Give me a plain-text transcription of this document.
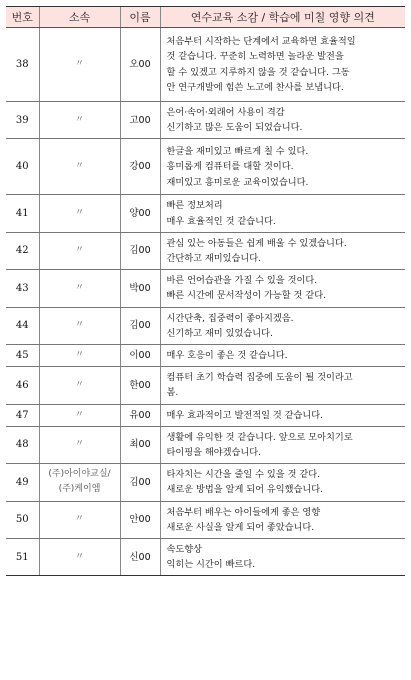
번호	소속	이름	연수교육 소감 / 학습에 미칠 영향 의견
38	〃	오00	처음부터 시작하는 단계에서 교육하면 효율적일
것 같습니다. 꾸준히 노력하면 놀라운 발전을
할 수 있겠고 지루하지 않을 것 같습니다. 그동
안 연구개발에 힘쓴 노고에 찬사를 보냅니다.

39	〃	고00	은어·속어·외래어 사용이 격감
신기하고 많은 도움이 되었습니다.

40	〃	강00	한글을 재미있고 빠르게 칠 수 있다.
흥미롭게 컴퓨터를 대할 것이다.
재미있고 흥미로운 교육이었습니다.

41	〃	양00	빠른 정보처리
매우 효율적인 것 같습니다.

42	〃	김00	관심 있는 아동들은 쉽게 배울 수 있겠습니다.
간단하고 재미있습니다.

43	〃	박00	바른 언어습관을 가질 수 있을 것이다.
빠른 시간에 문서작성이 가능할 것 같다.

44	〃	김00	시간단축, 집중력이 좋아지겠음.
신기하고 재미 있었습니다.

45	〃	이00	매우 호응이 좋은 것 같습니다.

46	〃	한00	컴퓨터 초기 학습력 집중에 도움이 될 것이라고
봄.

47	〃	유00	매우 효과적이고 발전적일 것 같습니다.

48	〃	최00	생활에 유익한 것 같습니다. 앞으로 모아치기로
타이핑을 해야겠습니다.

49	(주)아이야교실/
(주)케이엠	김00	타자치는 시간을 줄일 수 있을 것 같다.
새로운 방법을 알게 되어 유익했습니다.

50	〃	안00	처음부터 배우는 아이들에게 좋은 영향
새로운 사실을 알게 되어 좋았습니다.

51	〃	신00	속도향상
익히는 시간이 빠르다.
